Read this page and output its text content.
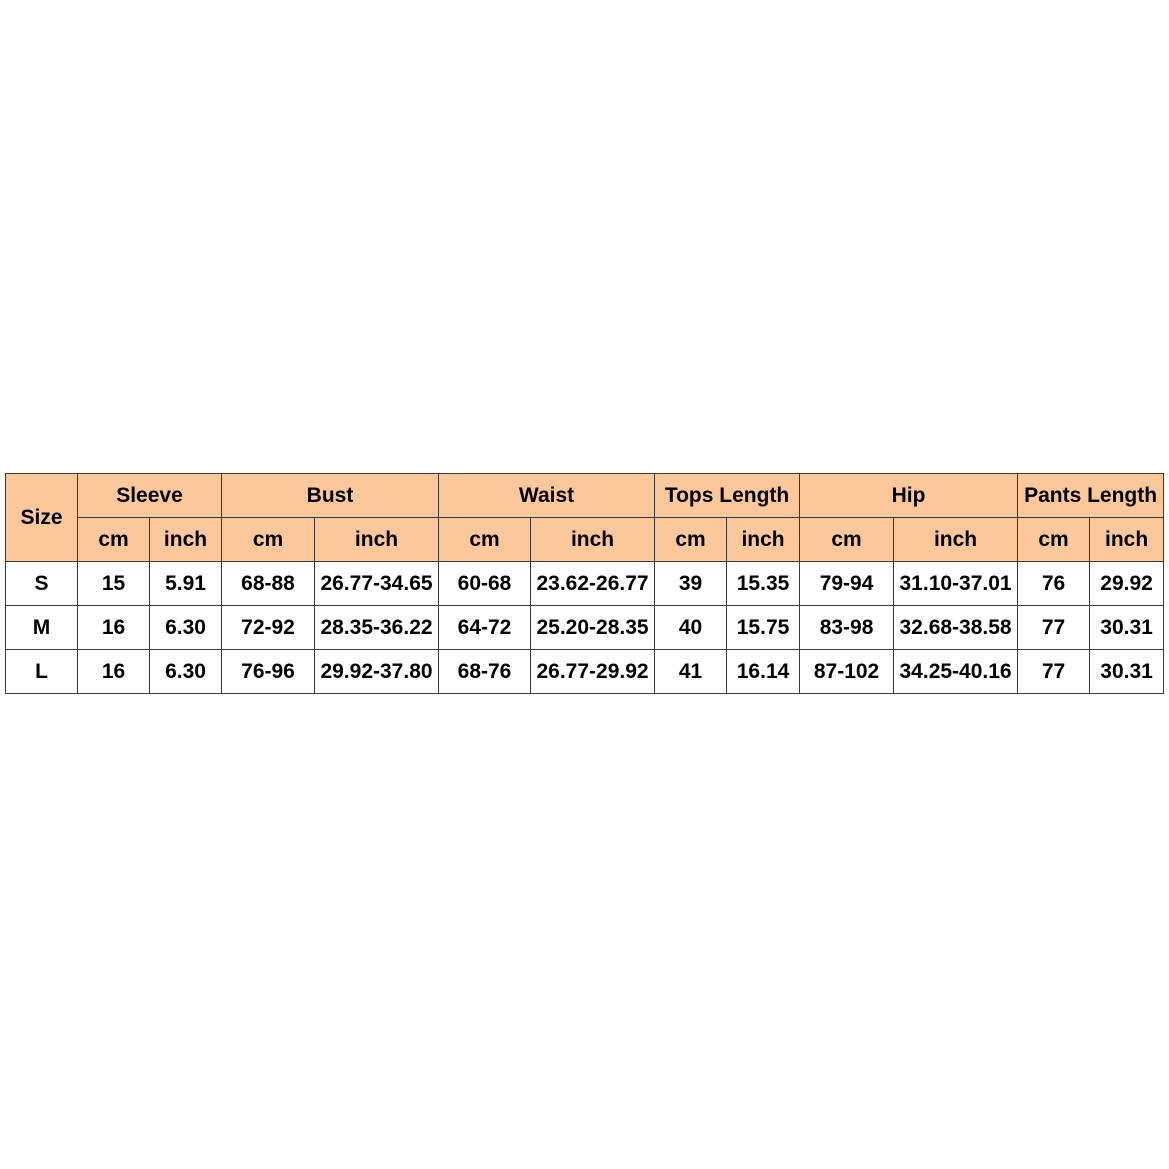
Size	Sleeve		Bust		Waist		Tops Length		Hip		Pants Length	
	cm	inch	cm	inch	cm	inch	cm	inch	cm	inch	cm	inch
S	15	5.91	68-88	26.77-34.65	60-68	23.62-26.77	39	15.35	79-94	31.10-37.01	76	29.92
M	16	6.30	72-92	28.35-36.22	64-72	25.20-28.35	40	15.75	83-98	32.68-38.58	77	30.31
L	16	6.30	76-96	29.92-37.80	68-76	26.77-29.92	41	16.14	87-102	34.25-40.16	77	30.31
